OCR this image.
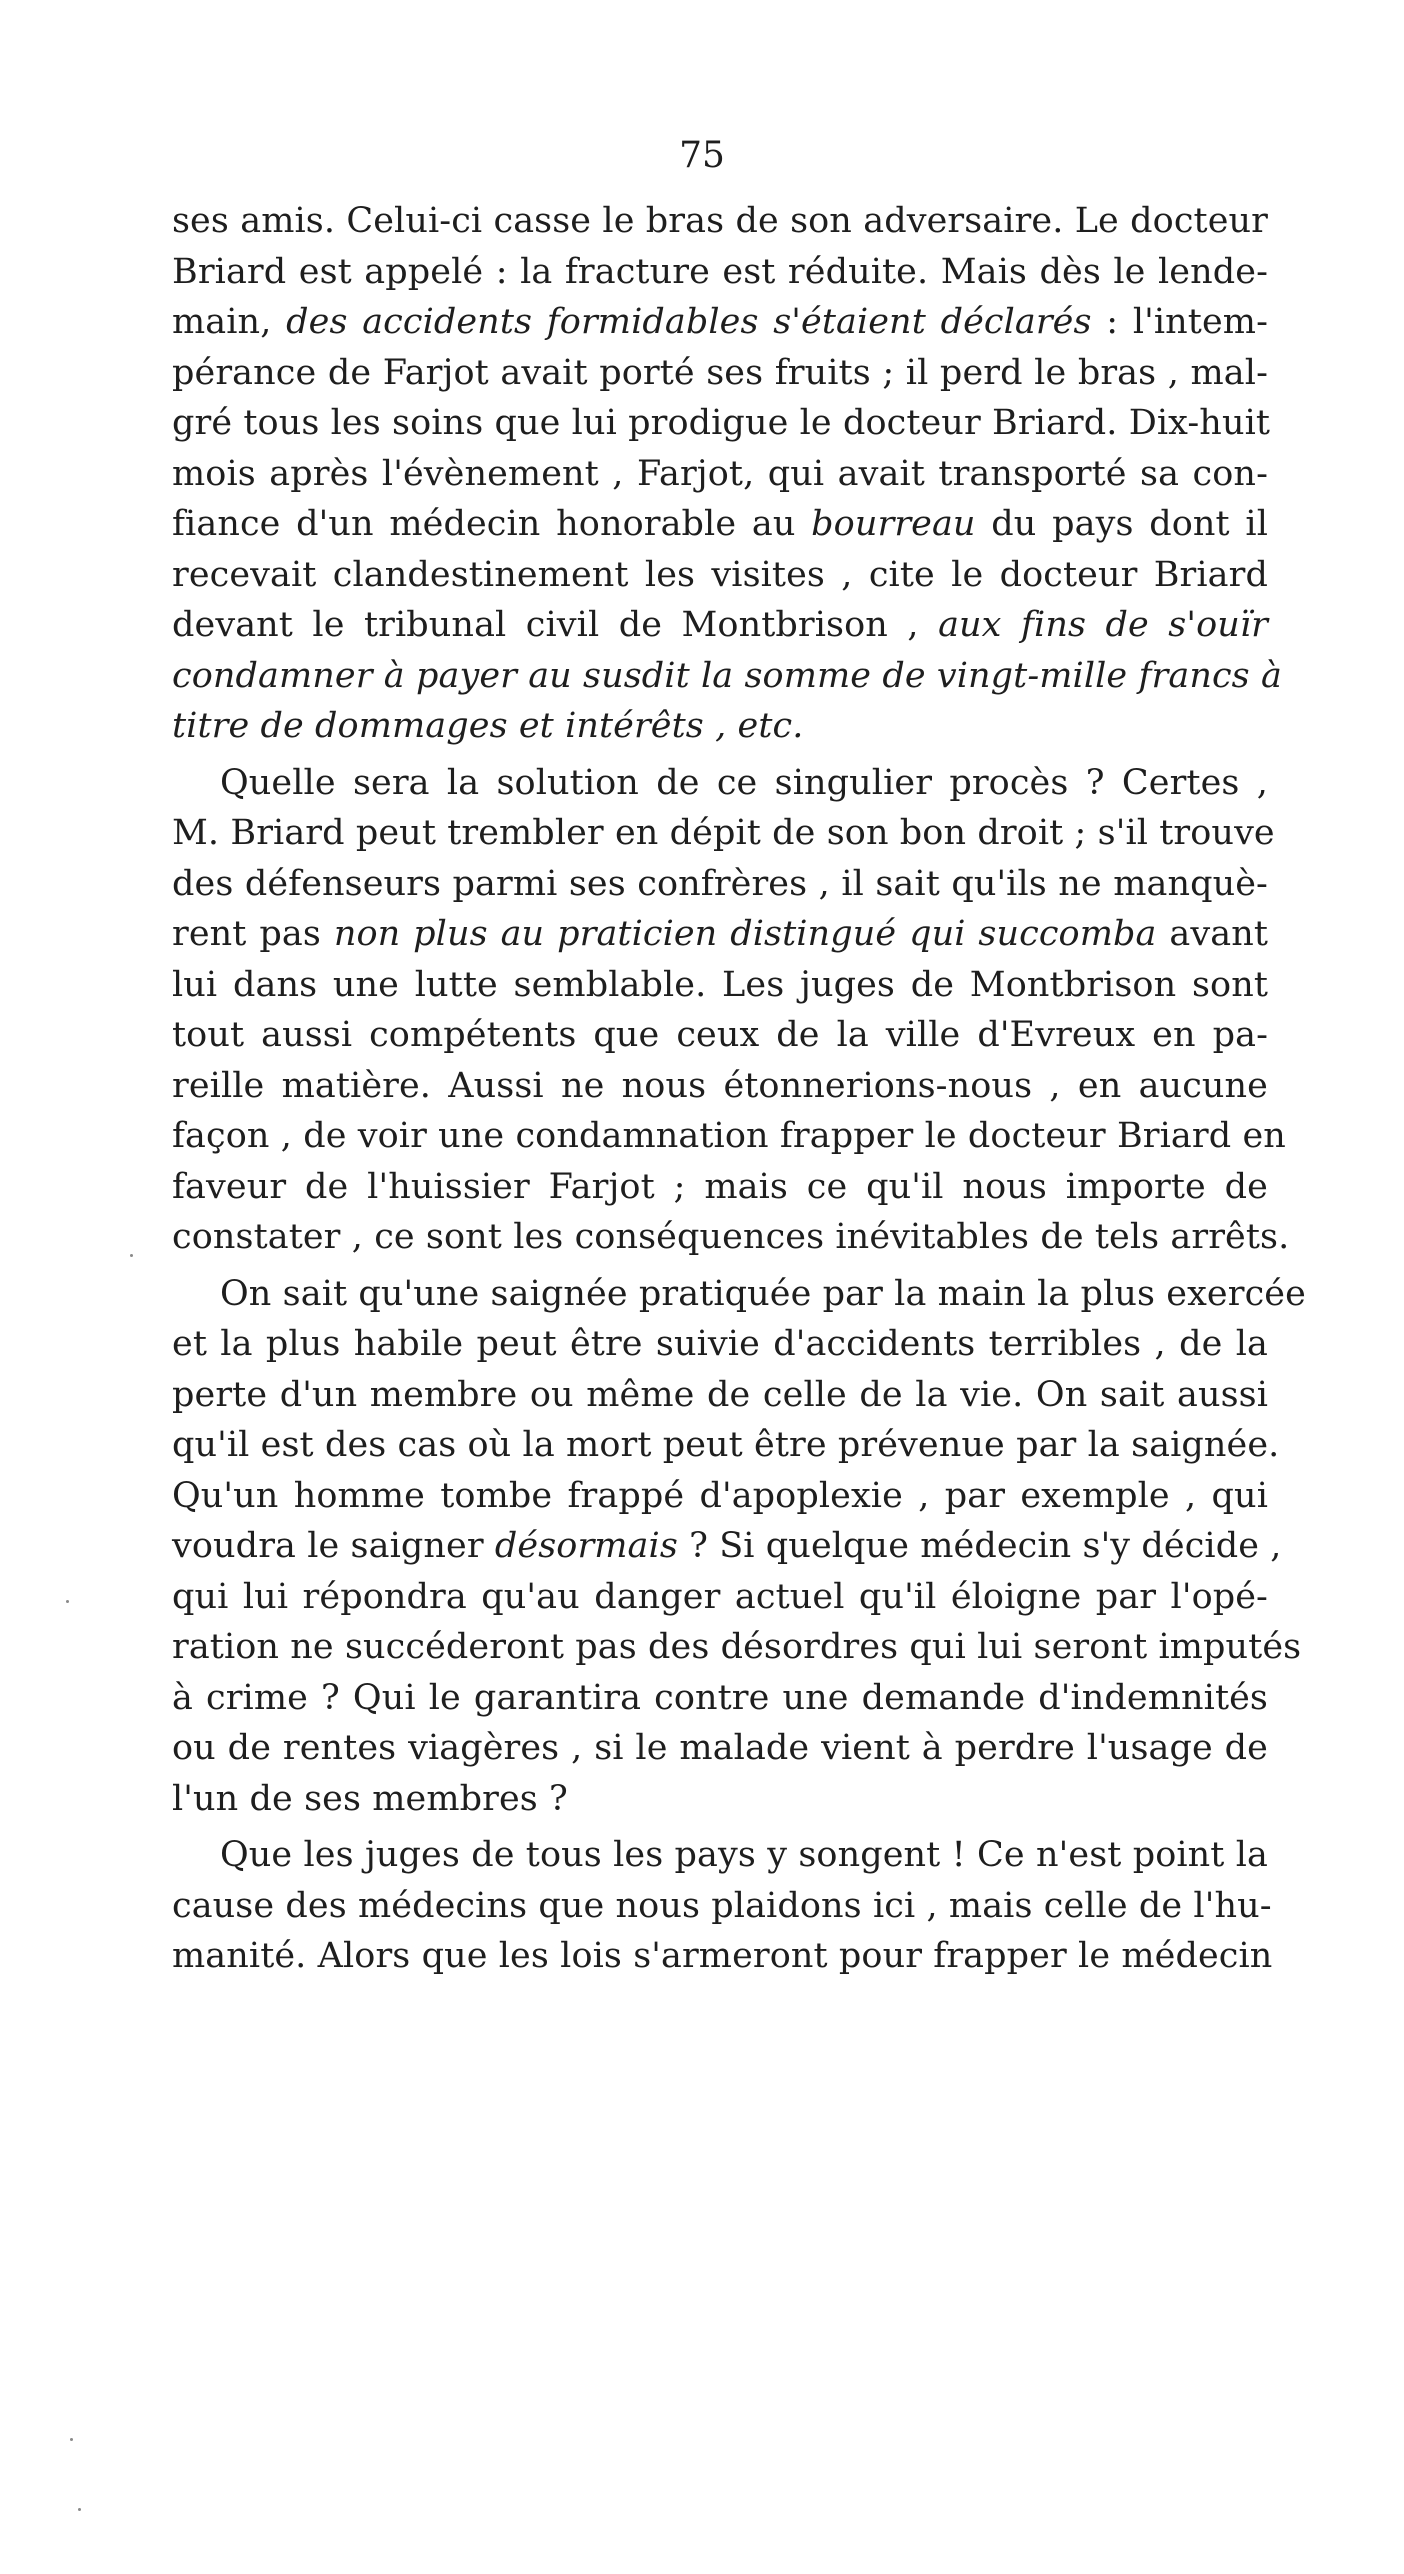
75
ses amis. Celui-ci casse le bras de son adversaire. Le docteur
Briard est appelé : la fracture est réduite. Mais dès le lende-
main, des accidents formidables s'étaient déclarés : l'intem-
pérance de Farjot avait porté ses fruits ; il perd le bras , mal-
gré tous les soins que lui prodigue le docteur Briard. Dix-huit
mois après l'évènement , Farjot, qui avait transporté sa con-
fiance d'un médecin honorable au bourreau du pays dont il
recevait clandestinement les visites , cite le docteur Briard
devant le tribunal civil de Montbrison , aux fins de s'ouïr
condamner à payer au susdit la somme de vingt-mille francs à
titre de dommages et intérêts , etc.
Quelle sera la solution de ce singulier procès ? Certes ,
M. Briard peut trembler en dépit de son bon droit ; s'il trouve
des défenseurs parmi ses confrères , il sait qu'ils ne manquè-
rent pas non plus au praticien distingué qui succomba avant
lui dans une lutte semblable. Les juges de Montbrison sont
tout aussi compétents que ceux de la ville d'Evreux en pa-
reille matière. Aussi ne nous étonnerions-nous , en aucune
façon , de voir une condamnation frapper le docteur Briard en
faveur de l'huissier Farjot ; mais ce qu'il nous importe de
constater , ce sont les conséquences inévitables de tels arrêts.
On sait qu'une saignée pratiquée par la main la plus exercée
et la plus habile peut être suivie d'accidents terribles , de la
perte d'un membre ou même de celle de la vie. On sait aussi
qu'il est des cas où la mort peut être prévenue par la saignée.
Qu'un homme tombe frappé d'apoplexie , par exemple , qui
voudra le saigner désormais ? Si quelque médecin s'y décide ,
qui lui répondra qu'au danger actuel qu'il éloigne par l'opé-
ration ne succéderont pas des désordres qui lui seront imputés
à crime ? Qui le garantira contre une demande d'indemnités
ou de rentes viagères , si le malade vient à perdre l'usage de
l'un de ses membres ?
Que les juges de tous les pays y songent ! Ce n'est point la
cause des médecins que nous plaidons ici , mais celle de l'hu-
manité. Alors que les lois s'armeront pour frapper le médecin
